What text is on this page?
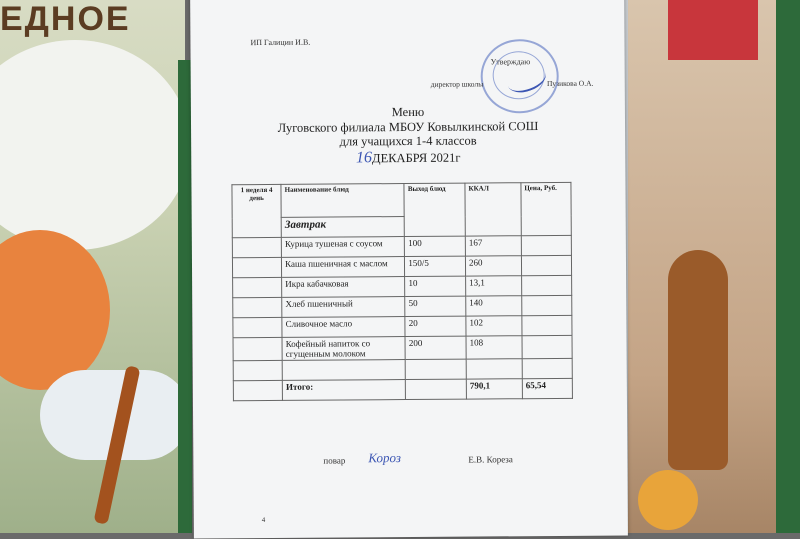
ЕДНОЕ
ИП Галицин И.В.
Утверждаю
директор школы	Пузикова О.А.
Меню
Луговского филиала МБОУ Ковылкинской СОШ
для учащихся 1-4 классов
16ДЕКАБРЯ 2021г
1 неделя 4 день	Наименование блюд	Выход блюд	ККАЛ	Цена, Руб.
	Завтрак			
	Курица тушеная с соусом	100	167	
	Каша пшеничная с маслом	150/5	260	
	Икра кабачковая	10	13,1	
	Хлеб пшеничный	50	140	
	Сливочное масло	20	102	
	Кофейный напиток со сгущенным молоком	200	108	

	Итого:		790,1	65,54
повар Короз	Е.В. Кореза
4
